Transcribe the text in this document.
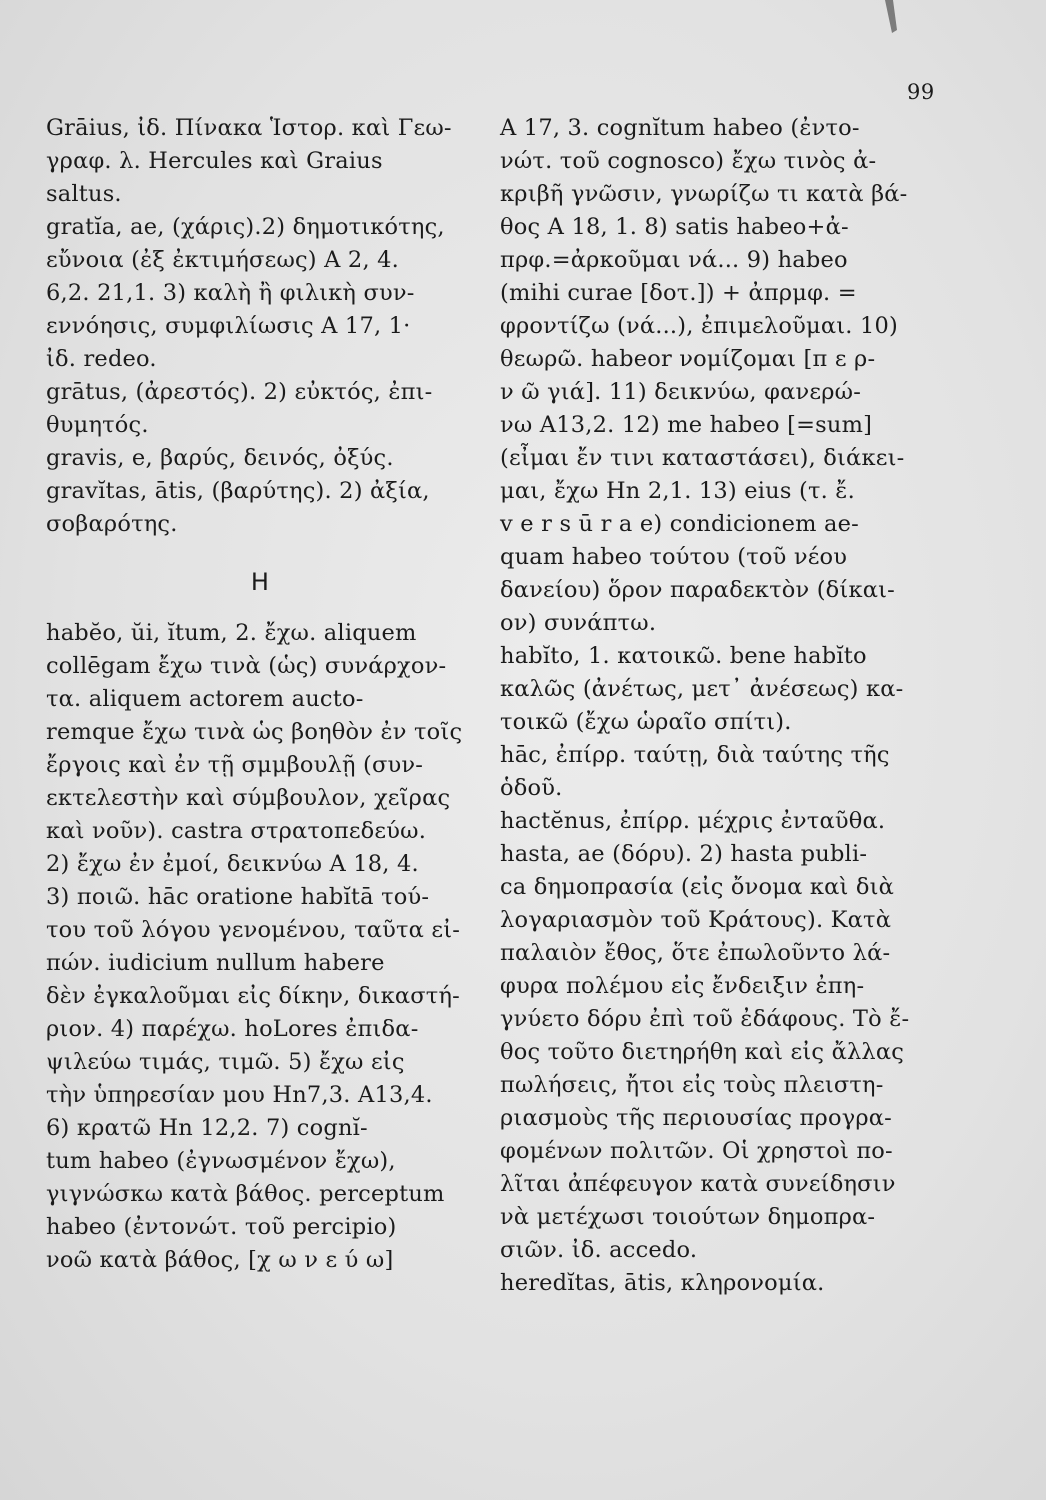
99
Grāius, ἰδ. Πίνακα Ἱστορ. καὶ Γεω-
γραφ. λ. Hercules καὶ Graius
saltus.
gratĭa, ae, (χάρις).2) δημοτικότης,
εὔνοια (ἐξ ἐκτιμήσεως) Α 2, 4.
6,2. 21,1. 3) καλὴ ἢ φιλικὴ συν-
εννόησις, συμφιλίωσις Α 17, 1·
ἰδ. redeo.
grātus, (ἀρεστός). 2) εὐκτός, ἐπι-
θυμητός.
gravis, e, βαρύς, δεινός, ὀξύς.
gravĭtas, ātis, (βαρύτης). 2) ἀξία,
σοβαρότης.
H
habĕo, ŭi, ĭtum, 2. ἔχω. aliquem
collēgam ἔχω τινὰ (ὡς) συνάρχον-
τα. aliquem actorem aucto-
remque ἔχω τινὰ ὡς βοηθὸν ἐν τοῖς
ἔργοις καὶ ἐν τῇ σμμβουλῇ (συν-
εκτελεστὴν καὶ σύμβουλον, χεῖρας
καὶ νοῦν). castra στρατοπεδεύω.
2) ἔχω ἐν ἐμοί, δεικνύω Α 18, 4.
3) ποιῶ. hāc oratione habĭtā τού-
του τοῦ λόγου γενομένου, ταῦτα εἰ-
πών. iudicium nullum habere
δὲν ἐγκαλοῦμαι εἰς δίκην, δικαστή-
ριον. 4) παρέχω. hoLores ἐπιδα-
ψιλεύω τιμάς, τιμῶ. 5) ἔχω εἰς
τὴν ὑπηρεσίαν μου Hn7,3. A13,4.
6) κρατῶ Hn 12,2. 7) cognĭ-
tum habeo (ἐγνωσμένον ἔχω),
γιγνώσκω κατὰ βάθος. perceptum
habeo (ἐντονώτ. τοῦ percipio)
νοῶ κατὰ βάθος, [χ ω ν ε ύ ω]
Α 17, 3. cognĭtum habeo (ἐντο-
νώτ. τοῦ cognosco) ἔχω τινὸς ἀ-
κριβῆ γνῶσιν, γνωρίζω τι κατὰ βά-
θος Α 18, 1. 8) satis habeo+ἀ-
πρφ.=ἀρκοῦμαι νά... 9) habeo
(mihi curae [δοτ.]) + ἀπρμφ. =
φροντίζω (νά...), ἐπιμελοῦμαι. 10)
θεωρῶ. habeor νομίζομαι [π ε ρ-
ν ῶ γιά]. 11) δεικνύω, φανερώ-
νω Α13,2. 12) me habeo [=sum]
(εἶμαι ἔν τινι καταστάσει), διάκει-
μαι, ἔχω Hn 2,1. 13) eius (τ. ἔ.
v e r s ū r a e) condicionem ae-
quam habeo τούτου (τοῦ νέου
δανείου) ὅρον παραδεκτὸν (δίκαι-
ον) συνάπτω.
habĭto, 1. κατοικῶ. bene habĭto
καλῶς (ἀνέτως, μετ᾿ ἀνέσεως) κα-
τοικῶ (ἔχω ὡραῖο σπίτι).
hāc, ἐπίρρ. ταύτῃ, διὰ ταύτης τῆς
ὁδοῦ.
hactĕnus, ἐπίρρ. μέχρις ἐνταῦθα.
hasta, ae (δόρυ). 2) hasta publi-
ca δημοπρασία (εἰς ὄνομα καὶ διὰ
λογαριασμὸν τοῦ Κράτους). Κατὰ
παλαιὸν ἔθος, ὅτε ἐπωλοῦντο λά-
φυρα πολέμου εἰς ἔνδειξιν ἐπη-
γνύετο δόρυ ἐπὶ τοῦ ἐδάφους. Τὸ ἔ-
θος τοῦτο διετηρήθη καὶ εἰς ἄλλας
πωλήσεις, ἤτοι εἰς τοὺς πλειστη-
ριασμοὺς τῆς περιουσίας προγρα-
φομένων πολιτῶν. Οἱ χρηστοὶ πο-
λῖται ἀπέφευγον κατὰ συνείδησιν
νὰ μετέχωσι τοιούτων δημοπρα-
σιῶν. ἰδ. accedo.
heredĭtas, ātis, κληρονομία.
